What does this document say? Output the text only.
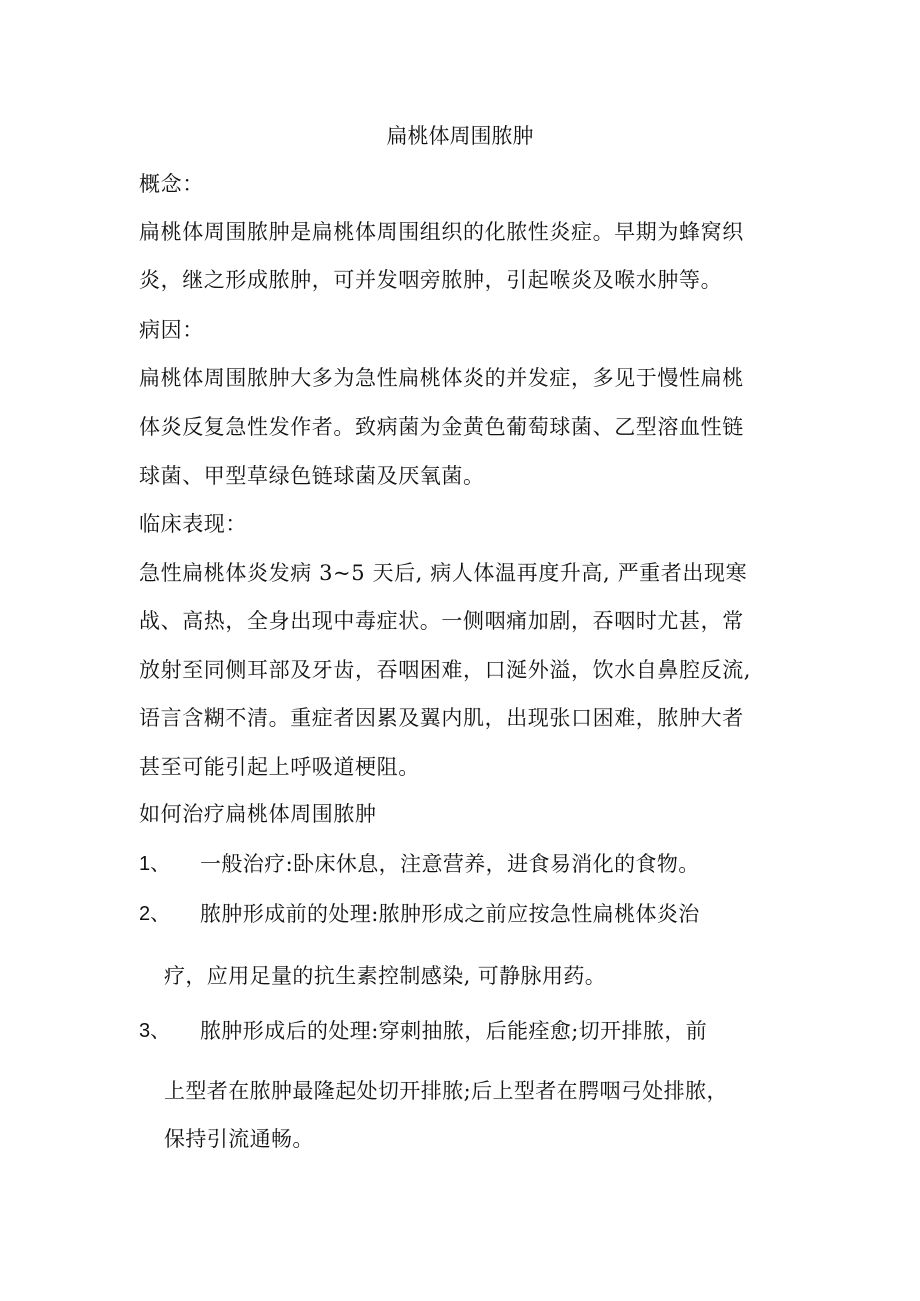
扁桃体周围脓肿
概念：
扁桃体周围脓肿是扁桃体周围组织的化脓性炎症。早期为蜂窝织
炎，继之形成脓肿，可并发咽旁脓肿，引起喉炎及喉水肿等。
病因：
扁桃体周围脓肿大多为急性扁桃体炎的并发症，多见于慢性扁桃
体炎反复急性发作者。致病菌为金黄色葡萄球菌、乙型溶血性链
球菌、甲型草绿色链球菌及厌氧菌。
临床表现：
急性扁桃体炎发病 3~5 天后, 病人体温再度升高, 严重者出现寒
战、高热，全身出现中毒症状。一侧咽痛加剧，吞咽时尤甚，常
放射至同侧耳部及牙齿，吞咽困难，口涎外溢，饮水自鼻腔反流,
语言含糊不清。重症者因累及翼内肌，出现张口困难，脓肿大者
甚至可能引起上呼吸道梗阻。
如何治疗扁桃体周围脓肿
1、 一般治疗:卧床休息，注意营养，进食易消化的食物。
2、 脓肿形成前的处理:脓肿形成之前应按急性扁桃体炎治
疗，应用足量的抗生素控制感染, 可静脉用药。
3、 脓肿形成后的处理:穿刺抽脓，后能痊愈;切开排脓，前
上型者在脓肿最隆起处切开排脓;后上型者在腭咽弓处排脓，
保持引流通畅。
